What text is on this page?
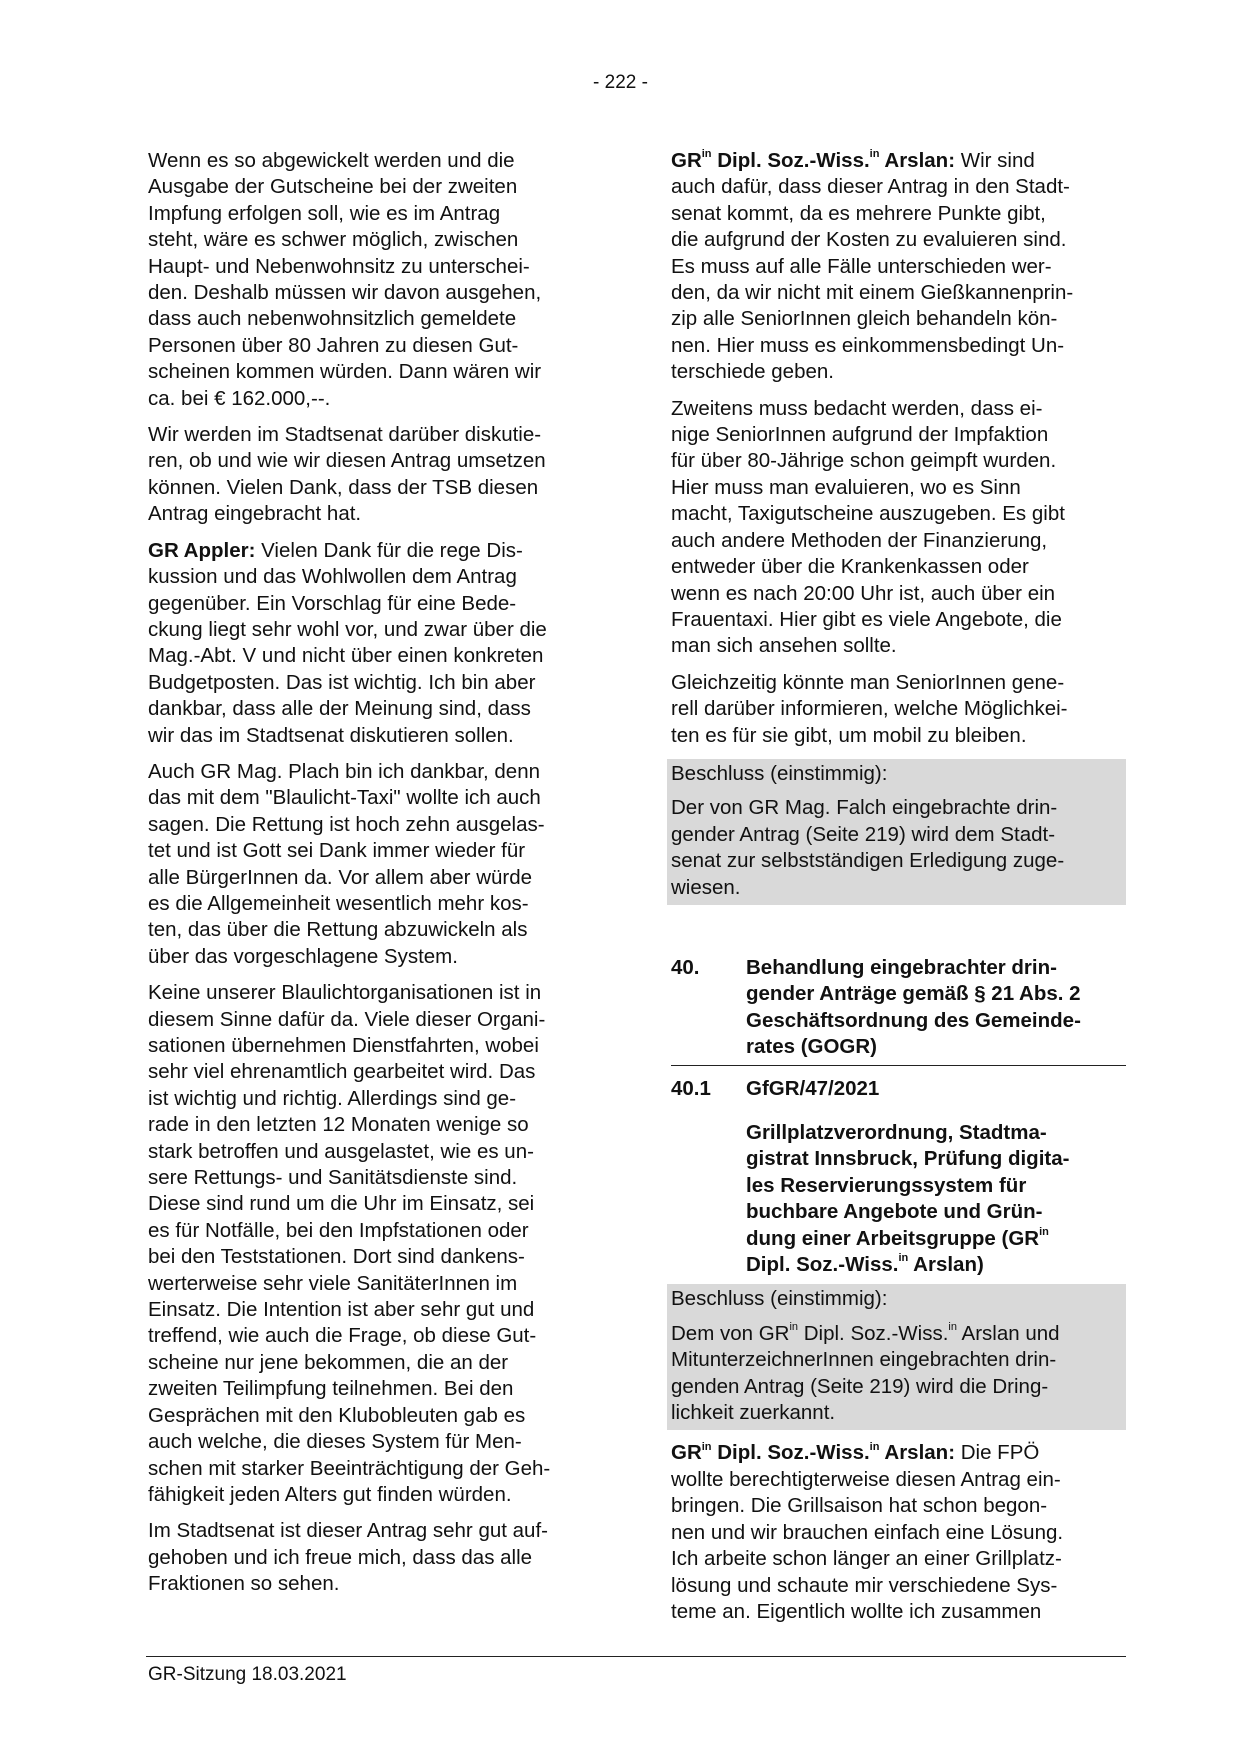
- 222 -

Wenn es so abgewickelt werden und die
Ausgabe der Gutscheine bei der zweiten
Impfung erfolgen soll, wie es im Antrag
steht, wäre es schwer möglich, zwischen
Haupt- und Nebenwohnsitz zu unterschei-
den. Deshalb müssen wir davon ausgehen,
dass auch nebenwohnsitzlich gemeldete
Personen über 80 Jahren zu diesen Gut-
scheinen kommen würden. Dann wären wir
ca. bei € 162.000,--.

Wir werden im Stadtsenat darüber diskutie-
ren, ob und wie wir diesen Antrag umsetzen
können. Vielen Dank, dass der TSB diesen
Antrag eingebracht hat.

GR Appler: Vielen Dank für die rege Dis-
kussion und das Wohlwollen dem Antrag
gegenüber. Ein Vorschlag für eine Bede-
ckung liegt sehr wohl vor, und zwar über die
Mag.-Abt. V und nicht über einen konkreten
Budgetposten. Das ist wichtig. Ich bin aber
dankbar, dass alle der Meinung sind, dass
wir das im Stadtsenat diskutieren sollen.

Auch GR Mag. Plach bin ich dankbar, denn
das mit dem "Blaulicht-Taxi" wollte ich auch
sagen. Die Rettung ist hoch zehn ausgelas-
tet und ist Gott sei Dank immer wieder für
alle BürgerInnen da. Vor allem aber würde
es die Allgemeinheit wesentlich mehr kos-
ten, das über die Rettung abzuwickeln als
über das vorgeschlagene System.

Keine unserer Blaulichtorganisationen ist in
diesem Sinne dafür da. Viele dieser Organi-
sationen übernehmen Dienstfahrten, wobei
sehr viel ehrenamtlich gearbeitet wird. Das
ist wichtig und richtig. Allerdings sind ge-
rade in den letzten 12 Monaten wenige so
stark betroffen und ausgelastet, wie es un-
sere Rettungs- und Sanitätsdienste sind.
Diese sind rund um die Uhr im Einsatz, sei
es für Notfälle, bei den Impfstationen oder
bei den Teststationen. Dort sind dankens-
werterweise sehr viele SanitäterInnen im
Einsatz. Die Intention ist aber sehr gut und
treffend, wie auch die Frage, ob diese Gut-
scheine nur jene bekommen, die an der
zweiten Teilimpfung teilnehmen. Bei den
Gesprächen mit den Klubobleuten gab es
auch welche, die dieses System für Men-
schen mit starker Beeinträchtigung der Geh-
fähigkeit jeden Alters gut finden würden.

Im Stadtsenat ist dieser Antrag sehr gut auf-
gehoben und ich freue mich, dass das alle
Fraktionen so sehen.

$GR^{in}$ Dipl. Soz.-Wiss.$^{in}$ Arslan: Wir sind

auch dafür, dass dieser Antrag in den Stadt-
senat kommt, da es mehrere Punkte gibt,
die aufgrund der Kosten zu evaluieren sind.
Es muss auf alle Fälle unterschieden wer-
den, da wir nicht mit einem Gießkannenprin-
zip alle SeniorInnen gleich behandeln kön-
nen. Hier muss es einkommensbedingt Un-
terschiede geben.

Zweitens muss bedacht werden, dass ei-
nige SeniorInnen aufgrund der Impfaktion
für über 80-Jährige schon geimpft wurden.
Hier muss man evaluieren, wo es Sinn
macht, Taxigutscheine auszugeben. Es gibt
auch andere Methoden der Finanzierung,
entweder über die Krankenkassen oder
wenn es nach 20:00 Uhr ist, auch über ein
Frauentaxi. Hier gibt es viele Angebote, die
man sich ansehen sollte.

Gleichzeitig könnte man SeniorInnen gene-
rell darüber informieren, welche Möglichkei-
ten es für sie gibt, um mobil zu bleiben.

Beschluss (einstimmig):

Der von GR Mag. Falch eingebrachte drin-
gender Antrag (Seite 219) wird dem Stadt-
senat zur selbstständigen Erledigung zuge-
wiesen.

40. Behandlung eingebrachter drin-
gender Anträge gemäß § 21 Abs. 2
Geschäftsordnung des Gemeinde-
rates (GOGR)
40.1 GfGR/47/2021
Grillplatzverordnung, Stadtma-
gistrat Innsbruck, Prüfung digita-
les Reservierungssystem für
buchbare Angebote und Grün-
dung einer Arbeitsgruppe ($GR^{in}$
Dipl. Soz.-Wiss.$^{in}$ Arslan)

Beschluss (einstimmig):

Dem von $GR^{in}$ Dipl. Soz.-Wiss.$^{in}$ Arslan und
MitunterzeichnerInnen eingebrachten drin-
genden Antrag (Seite 219) wird die Dring-
lichkeit zuerkannt.

$GR^{in}$ Dipl. Soz.-Wiss.$^{in}$ Arslan: Die FPÖ

wollte berechtigterweise diesen Antrag ein-
bringen. Die Grillsaison hat schon begon-
nen und wir brauchen einfach eine Lösung.
Ich arbeite schon länger an einer Grillplatz-
lösung und schaute mir verschiedene Sys-
teme an. Eigentlich wollte ich zusammen

GR-Sitzung 18.03.2021
